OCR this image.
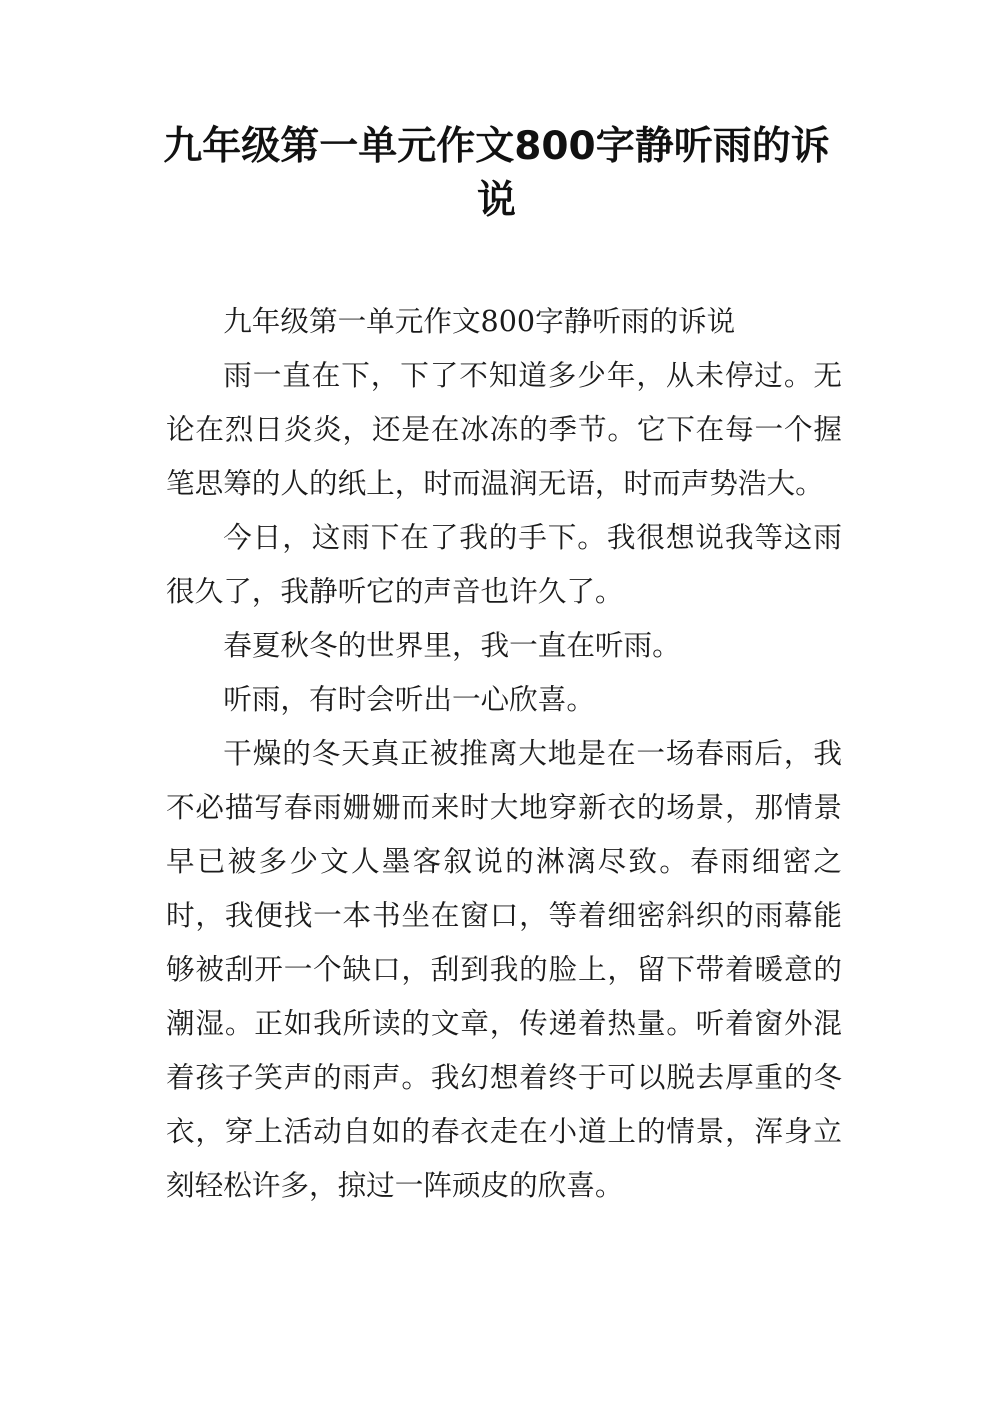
九年级第一单元作文800字静听雨的诉说

九年级第一单元作文800字静听雨的诉说

雨一直在下，下了不知道多少年，从未停过。无论在烈日炎炎，还是在冰冻的季节。它下在每一个握笔思筹的人的纸上，时而温润无语，时而声势浩大。

今日，这雨下在了我的手下。我很想说我等这雨很久了，我静听它的声音也许久了。

春夏秋冬的世界里，我一直在听雨。

听雨，有时会听出一心欣喜。

干燥的冬天真正被推离大地是在一场春雨后，我不必描写春雨姗姗而来时大地穿新衣的场景，那情景早已被多少文人墨客叙说的淋漓尽致。春雨细密之时，我便找一本书坐在窗口，等着细密斜织的雨幕能够被刮开一个缺口，刮到我的脸上，留下带着暖意的潮湿。正如我所读的文章，传递着热量。听着窗外混着孩子笑声的雨声。我幻想着终于可以脱去厚重的冬衣，穿上活动自如的春衣走在小道上的情景，浑身立刻轻松许多，掠过一阵顽皮的欣喜。
